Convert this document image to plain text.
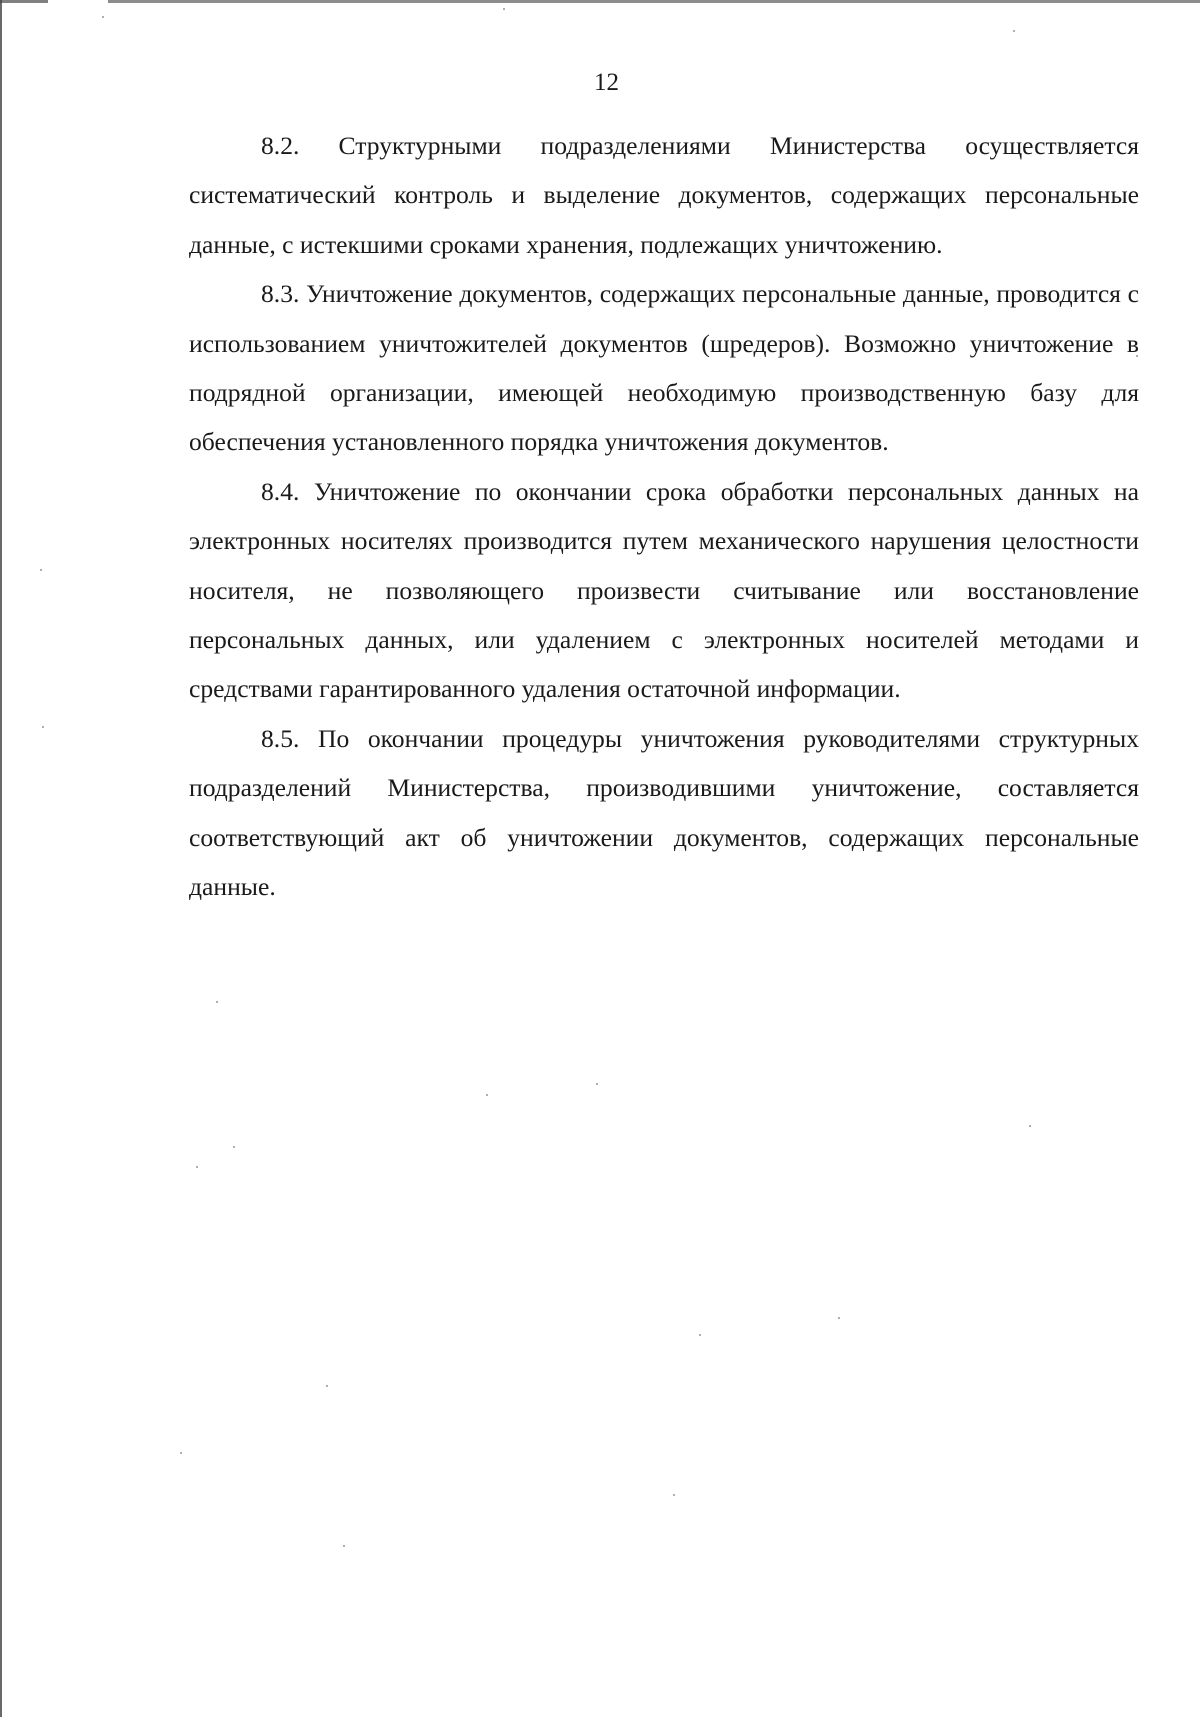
12

8.2. Структурными подразделениями Министерства осуществляется систематический контроль и выделение документов, содержащих персональные данные, с истекшими сроками хранения, подлежащих уничтожению.

8.3. Уничтожение документов, содержащих персональные данные, проводится с использованием уничтожителей документов (шредеров). Возможно уничтожение в подрядной организации, имеющей необходимую производственную базу для обеспечения установленного порядка уничтожения документов.

8.4. Уничтожение по окончании срока обработки персональных данных на электронных носителях производится путем механического нарушения целостности носителя, не позволяющего произвести считывание или восстановление персональных данных, или удалением с электронных носителей методами и средствами гарантированного удаления остаточной информации.

8.5. По окончании процедуры уничтожения руководителями структурных подразделений Министерства, производившими уничтожение, составляется соответствующий акт об уничтожении документов, содержащих персональные данные.
